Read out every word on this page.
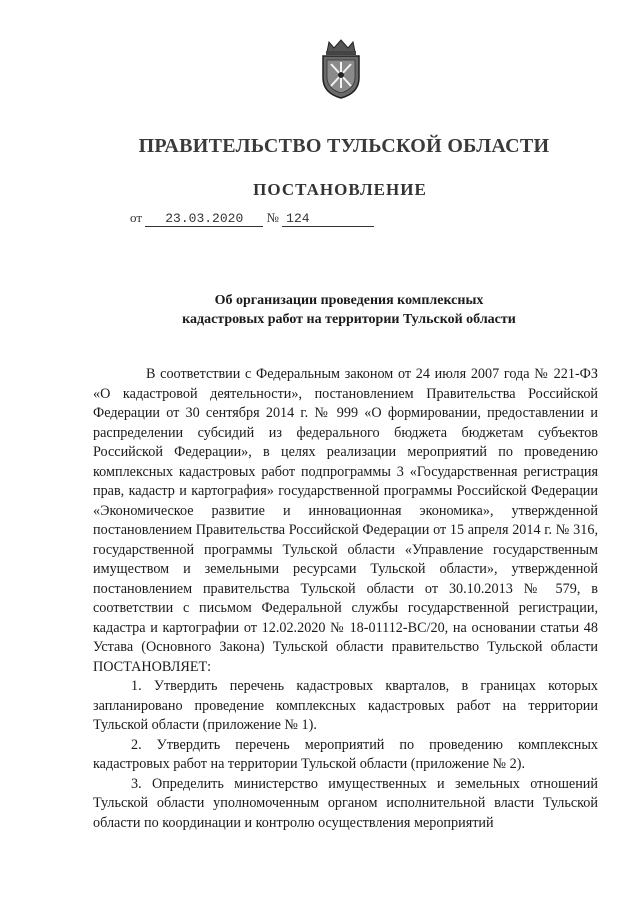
ПРАВИТЕЛЬСТВО ТУЛЬСКОЙ ОБЛАСТИ
ПОСТАНОВЛЕНИЕ
от 23.03.2020 № 124
Об организации проведения комплексных
кадастровых работ на территории Тульской области

В соответствии с Федеральным законом от 24 июля 2007 года № 221-ФЗ «О кадастровой деятельности», постановлением Правительства Российской Федерации от 30 сентября 2014 г. № 999 «О формировании, предоставлении и распределении субсидий из федерального бюджета бюджетам субъектов Российской Федерации», в целях реализации мероприятий по проведению комплексных кадастровых работ подпрограммы 3 «Государственная регистрация прав, кадастр и картография» государственной программы Российской Федерации «Экономическое развитие и инновационная экономика», утвержденной постановлением Правительства Российской Федерации от 15 апреля 2014 г. № 316, государственной программы Тульской области «Управление государственным имуществом и земельными ресурсами Тульской области», утвержденной постановлением правительства Тульской области от 30.10.2013 № 579, в соответствии с письмом Федеральной службы государственной регистрации, кадастра и картографии от 12.02.2020 № 18-01112-ВС/20, на основании статьи 48 Устава (Основного Закона) Тульской области правительство Тульской области ПОСТАНОВЛЯЕТ:

1. Утвердить перечень кадастровых кварталов, в границах которых запланировано проведение комплексных кадастровых работ на территории Тульской области (приложение № 1).

2. Утвердить перечень мероприятий по проведению комплексных кадастровых работ на территории Тульской области (приложение № 2).

3. Определить министерство имущественных и земельных отношений Тульской области уполномоченным органом исполнительной власти Тульской области по координации и контролю осуществления мероприятий
